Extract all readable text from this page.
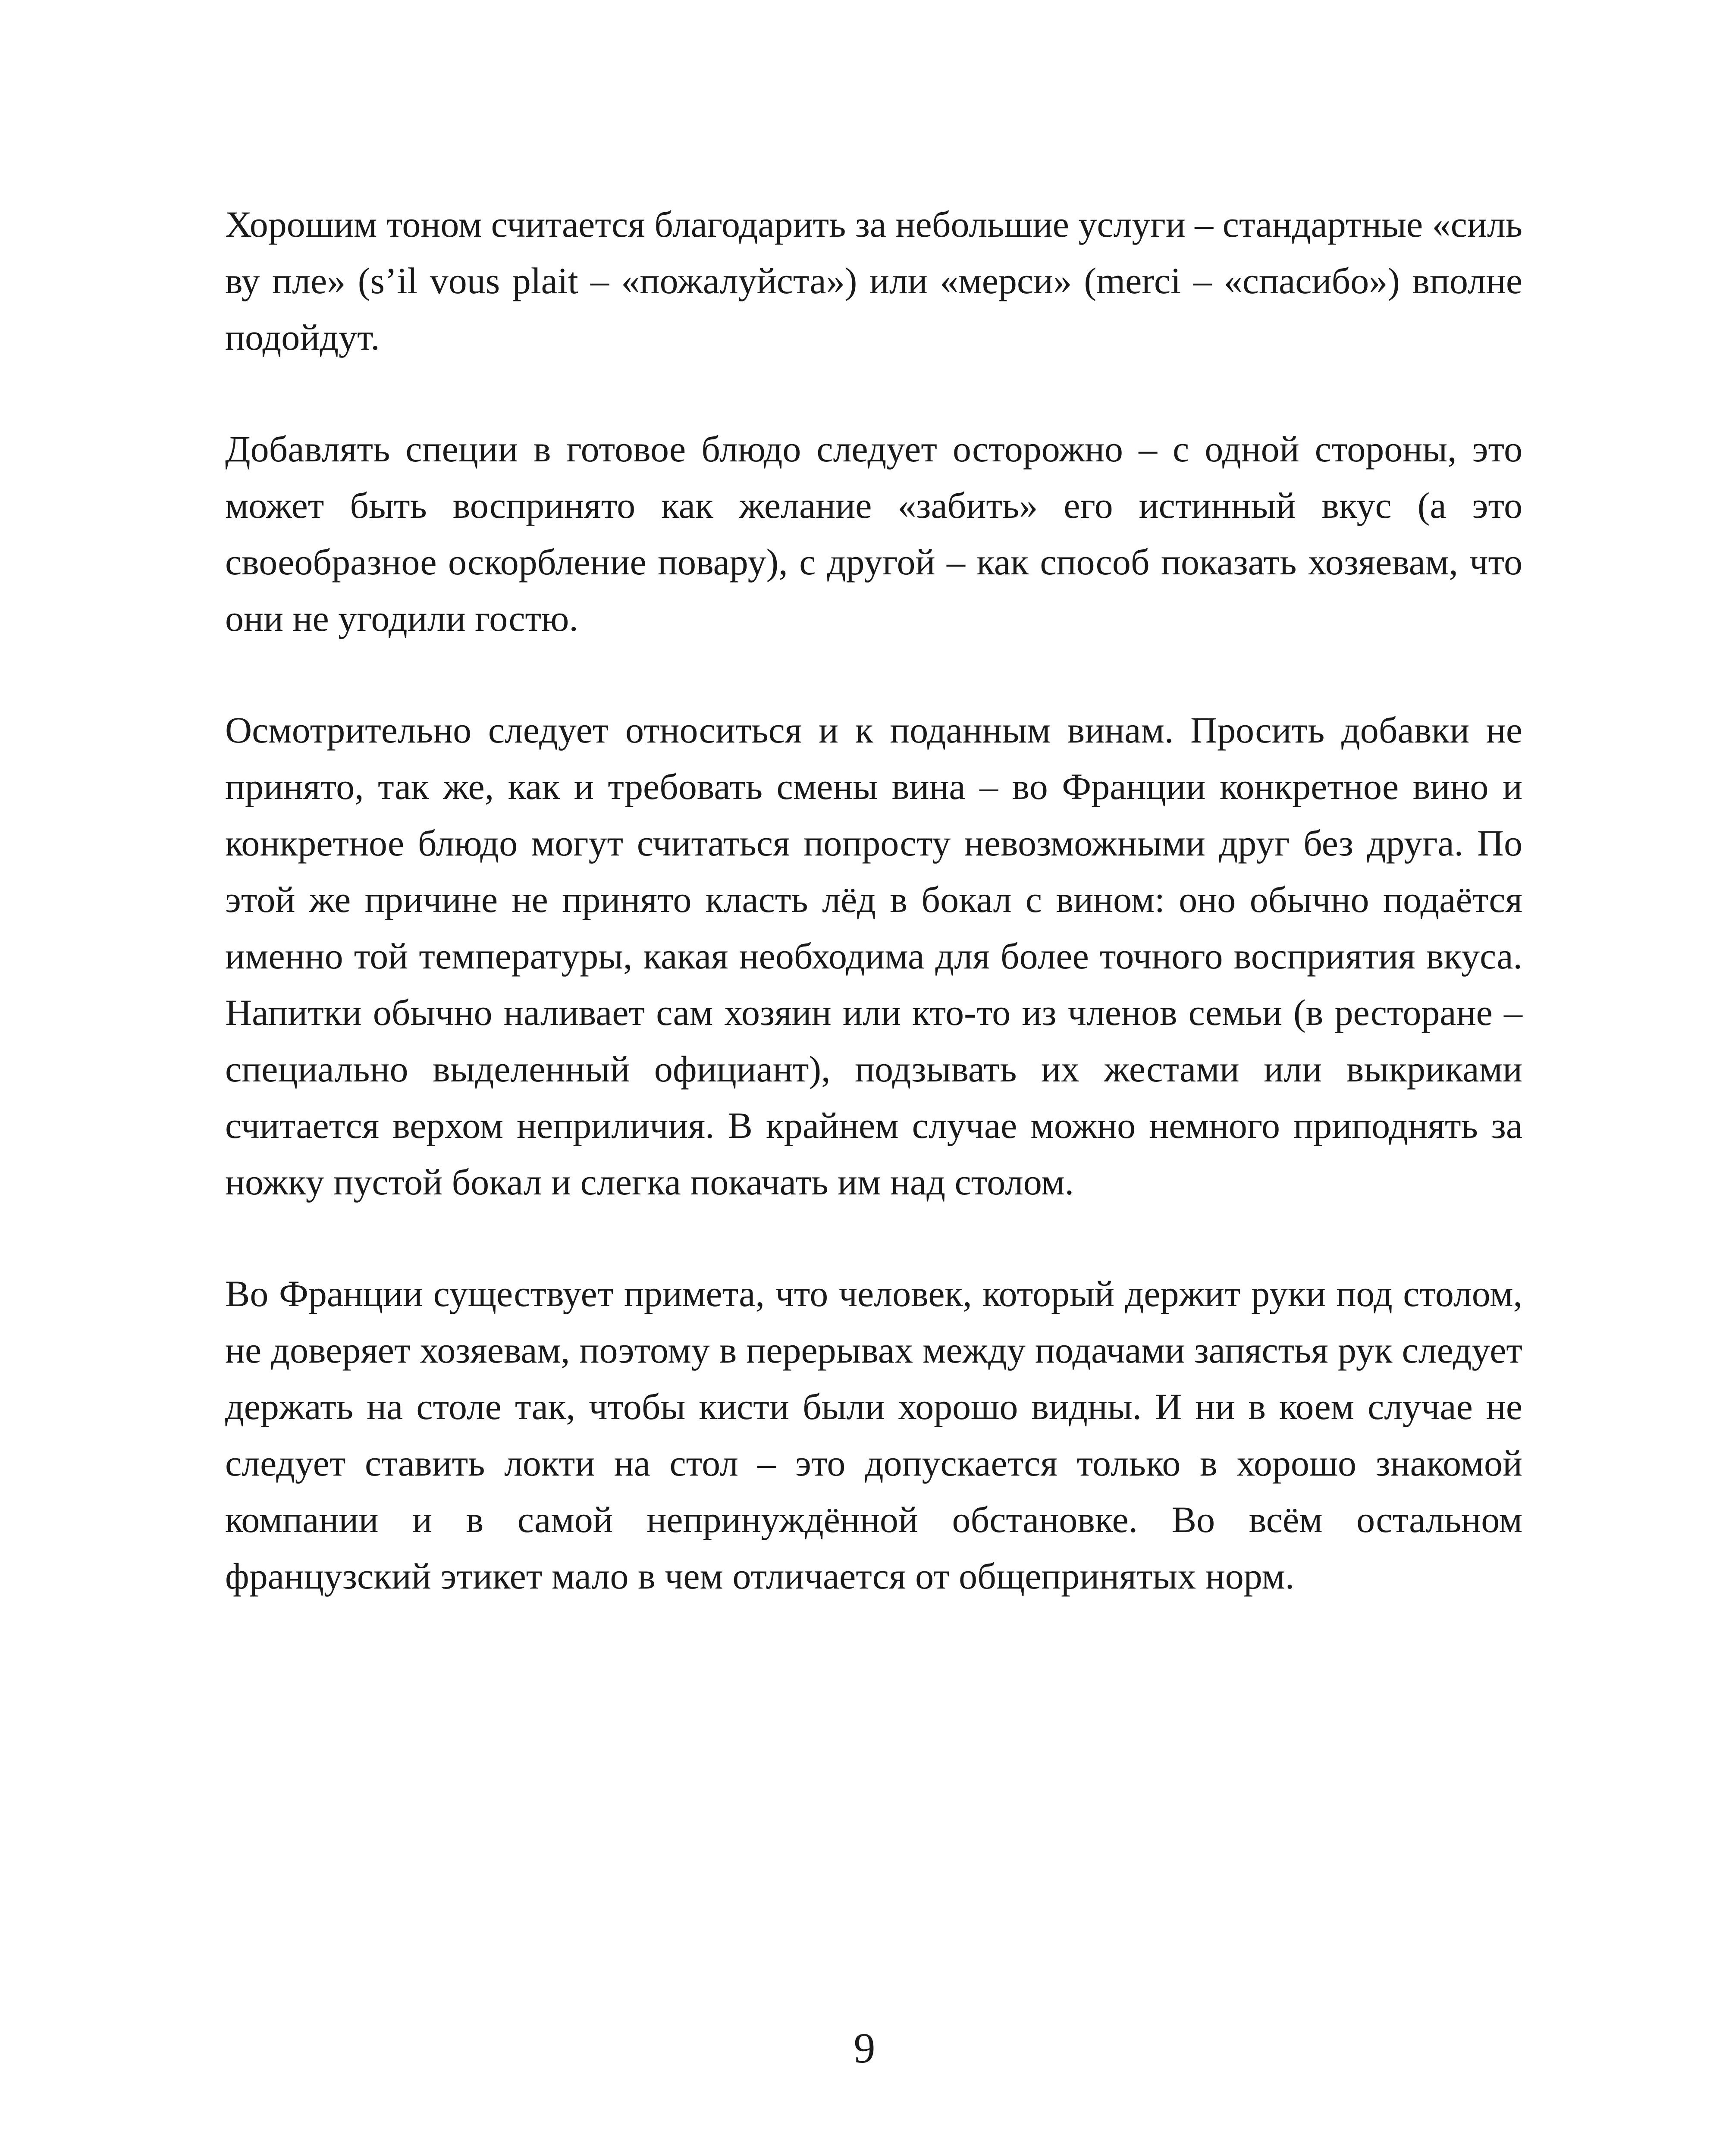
Хорошим тоном считается благодарить за небольшие услуги – стандартные «силь ву пле» (s’il vous plait – «пожалуйста») или «мерси» (merci – «спасибо») вполне подойдут.

Добавлять специи в готовое блюдо следует осторожно – с одной стороны, это может быть воспринято как желание «забить» его истинный вкус (а это своеобразное оскорбление повару), с другой – как способ показать хозяевам, что они не угодили гостю.

Осмотрительно следует относиться и к поданным винам. Просить добавки не принято, так же, как и требовать смены вина – во Франции конкретное вино и конкретное блюдо могут считаться попросту невозможными друг без друга. По этой же причине не принято класть лёд в бокал с вином: оно обычно подаётся именно той температуры, какая необходима для более точного восприятия вкуса. Напитки обычно наливает сам хозяин или кто-то из членов семьи (в ресторане – специально выделенный официант), подзывать их жестами или выкриками считается верхом неприличия. В крайнем случае можно немного приподнять за ножку пустой бокал и слегка покачать им над столом.

Во Франции существует примета, что человек, который держит руки под столом, не доверяет хозяевам, поэтому в перерывах между подачами запястья рук следует держать на столе так, чтобы кисти были хорошо видны. И ни в коем случае не следует ставить локти на стол – это допускается только в хорошо знакомой компании и в самой непринуждённой обстановке. Во всём остальном французский этикет мало в чем отличается от общепринятых норм.

9
